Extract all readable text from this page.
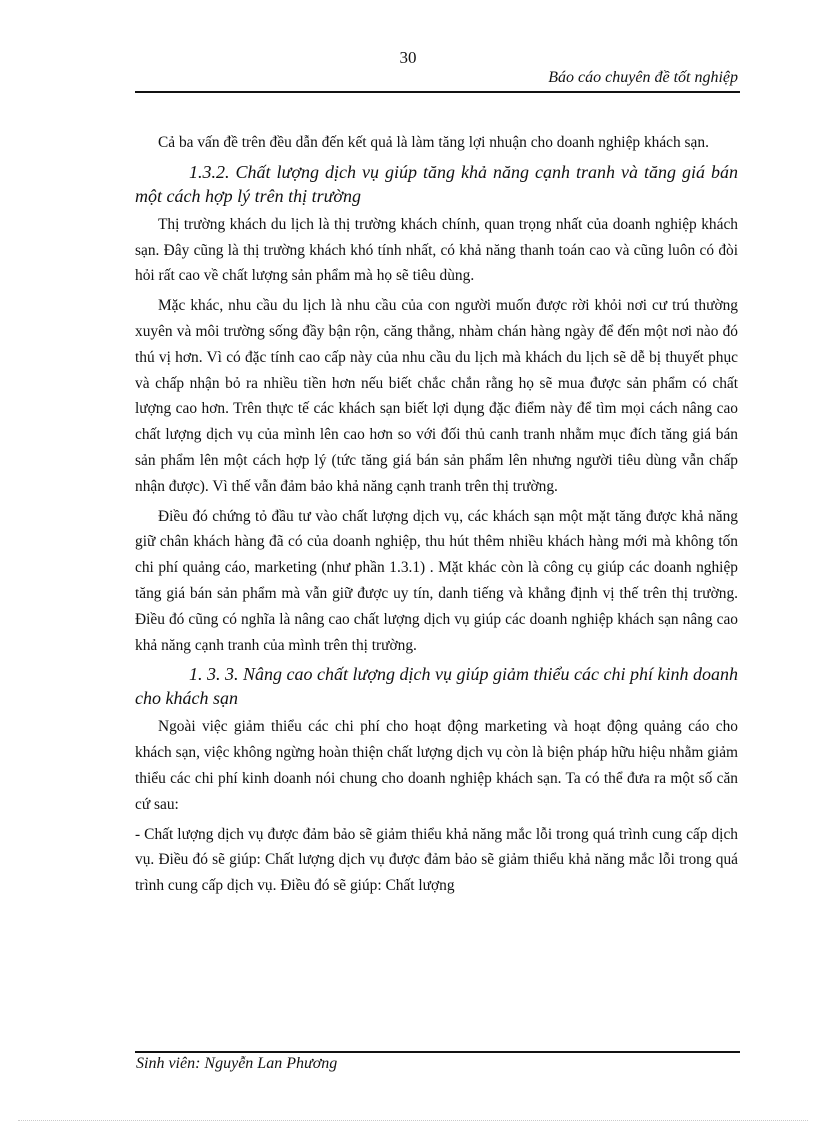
30
Báo cáo chuyên đề tốt nghiệp

Cả ba vấn đề trên đều dẫn đến kết quả là làm tăng lợi nhuận cho doanh nghiệp khách sạn.

1.3.2. Chất lượng dịch vụ giúp tăng khả năng cạnh tranh và tăng giá bán một cách hợp lý trên thị trường

Thị trường khách du lịch là thị trường khách chính, quan trọng nhất của doanh nghiệp khách sạn. Đây cũng là thị trường khách khó tính nhất, có khả năng thanh toán cao và cũng luôn có đòi hỏi rất cao về chất lượng sản phẩm mà họ sẽ tiêu dùng.

Mặc khác, nhu cầu du lịch là nhu cầu của con người muốn được rời khỏi nơi cư trú thường xuyên và môi trường sống đầy bận rộn, căng thẳng, nhàm chán hàng ngày để đến một nơi nào đó thú vị hơn. Vì có đặc tính cao cấp này của nhu cầu du lịch mà khách du lịch sẽ dễ bị thuyết phục và chấp nhận bỏ ra nhiều tiền hơn nếu biết chắc chắn rằng họ sẽ mua được sản phẩm có chất lượng cao hơn. Trên thực tế các khách sạn biết lợi dụng đặc điểm này để tìm mọi cách nâng cao chất lượng dịch vụ của mình lên cao hơn so với đối thủ canh tranh nhằm mục đích tăng giá bán sản phẩm lên một cách hợp lý (tức tăng giá bán sản phẩm lên nhưng người tiêu dùng vẫn chấp nhận được). Vì thế vẫn đảm bảo khả năng cạnh tranh trên thị trường.

Điều đó chứng tỏ đầu tư vào chất lượng dịch vụ, các khách sạn một mặt tăng được khả năng giữ chân khách hàng đã có của doanh nghiệp, thu hút thêm nhiều khách hàng mới mà không tốn chi phí quảng cáo, marketing (như phần 1.3.1) . Mặt khác còn là công cụ giúp các doanh nghiệp tăng giá bán sản phẩm mà vẫn giữ được uy tín, danh tiếng và khẳng định vị thế trên thị trường. Điều đó cũng có nghĩa là nâng cao chất lượng dịch vụ giúp các doanh nghiệp khách sạn nâng cao khả năng cạnh tranh của mình trên thị trường.

1. 3. 3. Nâng cao chất lượng dịch vụ giúp giảm thiểu các chi phí kinh doanh cho khách sạn

Ngoài việc giảm thiểu các chi phí cho hoạt động marketing và hoạt động quảng cáo cho khách sạn, việc không ngừng hoàn thiện chất lượng dịch vụ còn là biện pháp hữu hiệu nhằm giảm thiểu các chi phí kinh doanh nói chung cho doanh nghiệp khách sạn. Ta có thể đưa ra một số căn cứ sau:

- Chất lượng dịch vụ được đảm bảo sẽ giảm thiểu khả năng mắc lỗi trong quá trình cung cấp dịch vụ. Điều đó sẽ giúp: Chất lượng dịch vụ được đảm bảo sẽ giảm thiểu khả năng mắc lỗi trong quá trình cung cấp dịch vụ. Điều đó sẽ giúp: Chất lượng

Sinh viên: Nguyễn Lan Phương
